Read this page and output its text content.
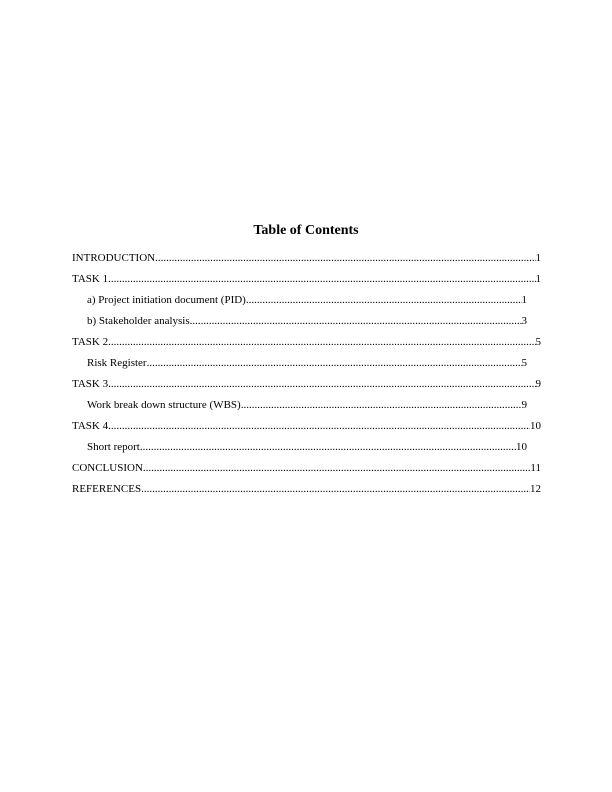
Table of Contents
INTRODUCTION .....	1
TASK 1 .....	1
a) Project initiation document (PID) .....	1
b) Stakeholder analysis .....	3
TASK 2 .....	5
Risk Register .....	5
TASK 3 .....	9
Work break down structure (WBS) .....	9
TASK 4 .....	10
Short report .....	10
CONCLUSION .....	11
REFERENCES .....	12
